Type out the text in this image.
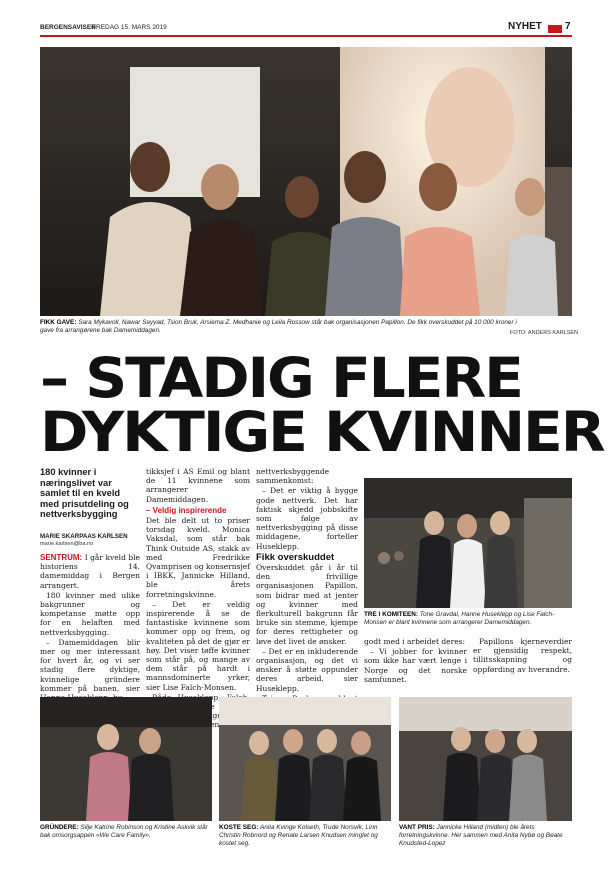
BERGENSAVISEN
FREDAG 15. MARS 2019	NYHET 7
FIKK GAVE: Sara Mykavoll, Nawar Sayyad, Tsion Bruk, Arsiema Z. Medhanie og Leila Rossow står bak organisasjonen Papillon. De fikk overskuddet på 10 000 kroner i gave fra arrangørene bak Damemiddagen.	FOTO: ANDERS KARLSEN
– STADIG FLERE
DYKTIGE KVINNER
180 kvinner i næringslivet var samlet til en kveld med prisutdeling og nettverksbygging
MARIE SKARPAAS KARLSEN
marie.karlsen@ba.no

SENTRUM: I går kveld ble historiens 14. damemiddag i Bergen arrangert.

180 kvinner med ulike bakgrunner og kompetanse møtte opp for en helaften med nettverksbygging.

– Damemiddagen blir mer og mer interessant for hvert år, og vi ser stadig flere dyktige, kvinnelige gründere kommer på banen, sier

tikksjef i AS Emil og blant de 11 kvinnene som arrangerer Damemiddagen.

– Veldig inspirerende

Det ble delt ut to priser torsdag kveld. Monica Vaksdal, som står bak Think Outside AS, stakk av med Fredrikke Qvamprisen og konsernsjef i IBKK, Jannicke Hilland, ble årets forretningskvinne.

– Det er veldig inspirerende å se de fantastiske kvinnene som kommer opp og frem, og kvaliteten på det de gjør er høy. Det viser tøffe kvinner som står på, og mange av dem står på hardt i mannsdominerte yrker, sier Lise Falch-Monsen.

en

nettverksbyggende sammenkomst:

– Det er viktig å bygge gode nettverk. Det har faktisk skjedd jobbskifte som følge av nettverksbygging på disse middagene, forteller Huseklepp.

Fikk overskuddet

Overskuddet går i år til den frivillige organisasjonen Papillon, som bidrar med at jenter og kvinner med flerkulturell bakgrunn får bruke sin stemme, kjempe for deres rettigheter og løve det livet de ønsker.

– Det er en inkluderende organisasjon, og det vi ønsker å støtte oppunder deres arbeid, sier Huseklepp.

TRE I KOMITEEN: Tone Gravdal, Hanne Huseklepp og Lise Falch-Monsen er blant kvinnene som arrangerer Damemiddagen.

godt med i arbeidet deres:

– Vi jobber for kvinner som ikke har vært lenge i Norge og det norske samfunnet.

Papillons kjerneverdier er gjensidig respekt, tillitsskapning og oppførding av hverandre.

GRÜNDERE: Silje Katrine Robinson og Kristine Askvik står bak omsorgsappen «We Care Family».
KOSTE SEG: Anita Kvinge Kolseth, Trude Norsvik, Linn Christin Robnord og Renate Larsen Knudsen minglet og kostet seg.
VANT PRIS: Jannicke Hilland (midten) ble årets forretningskvinne. Her sammen med Anita Nybø og Beate Knudsted-Lopez
